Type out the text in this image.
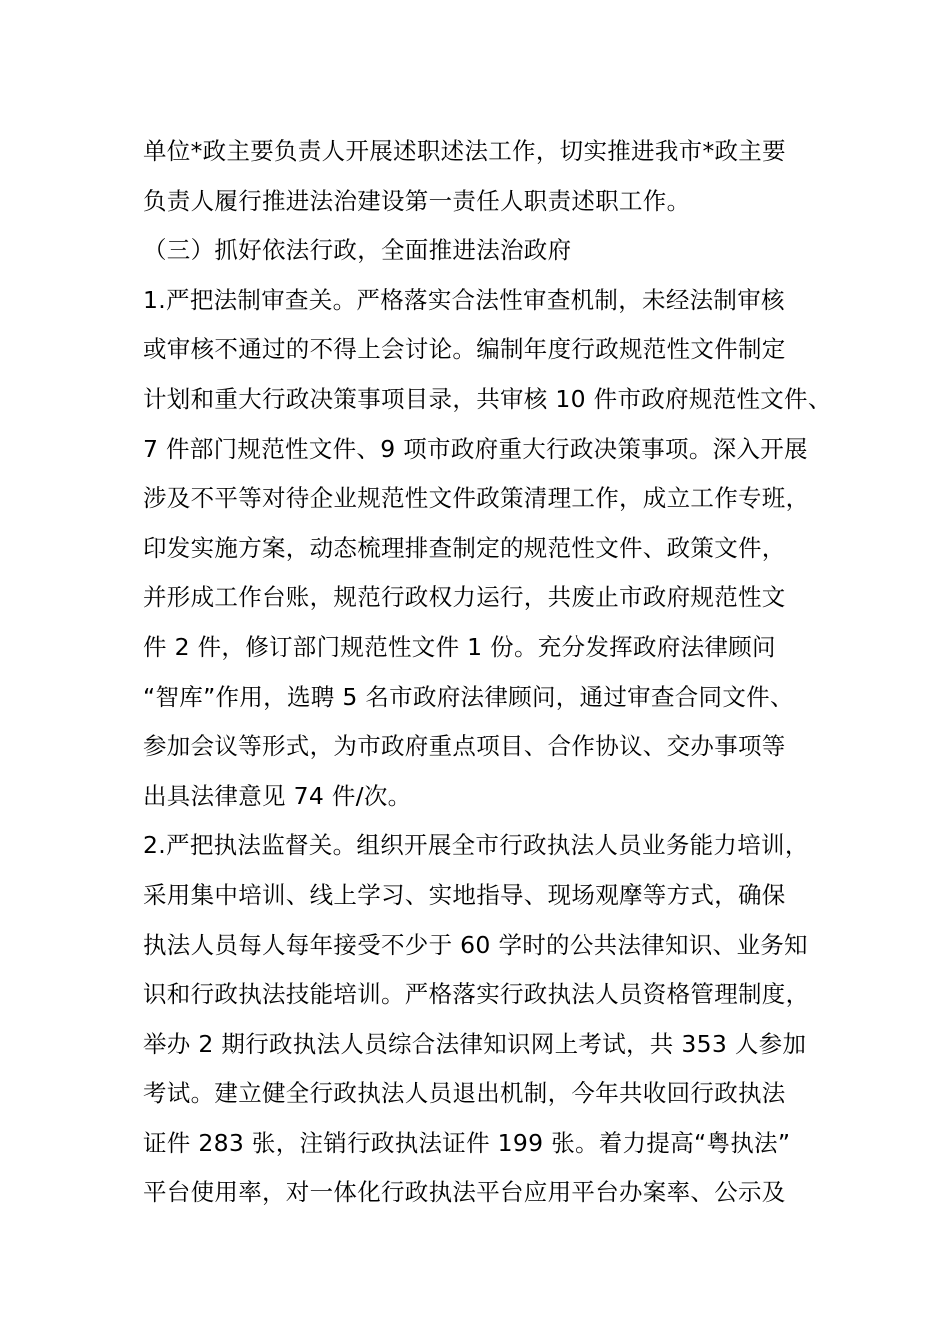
单位*政主要负责人开展述职述法工作，切实推进我市*政主要
负责人履行推进法治建设第一责任人职责述职工作。
（三）抓好依法行政，全面推进法治政府
1.严把法制审查关。严格落实合法性审查机制，未经法制审核
或审核不通过的不得上会讨论。编制年度行政规范性文件制定
计划和重大行政决策事项目录，共审核 10 件市政府规范性文件、
7 件部门规范性文件、9 项市政府重大行政决策事项。深入开展
涉及不平等对待企业规范性文件政策清理工作，成立工作专班，
印发实施方案，动态梳理排查制定的规范性文件、政策文件，
并形成工作台账，规范行政权力运行，共废止市政府规范性文
件 2 件，修订部门规范性文件 1 份。充分发挥政府法律顾问
“智库”作用，选聘 5 名市政府法律顾问，通过审查合同文件、
参加会议等形式，为市政府重点项目、合作协议、交办事项等
出具法律意见 74 件/次。
2.严把执法监督关。组织开展全市行政执法人员业务能力培训，
采用集中培训、线上学习、实地指导、现场观摩等方式，确保
执法人员每人每年接受不少于 60 学时的公共法律知识、业务知
识和行政执法技能培训。严格落实行政执法人员资格管理制度，
举办 2 期行政执法人员综合法律知识网上考试，共 353 人参加
考试。建立健全行政执法人员退出机制，今年共收回行政执法
证件 283 张，注销行政执法证件 199 张。着力提高“粤执法”
平台使用率，对一体化行政执法平台应用平台办案率、公示及
